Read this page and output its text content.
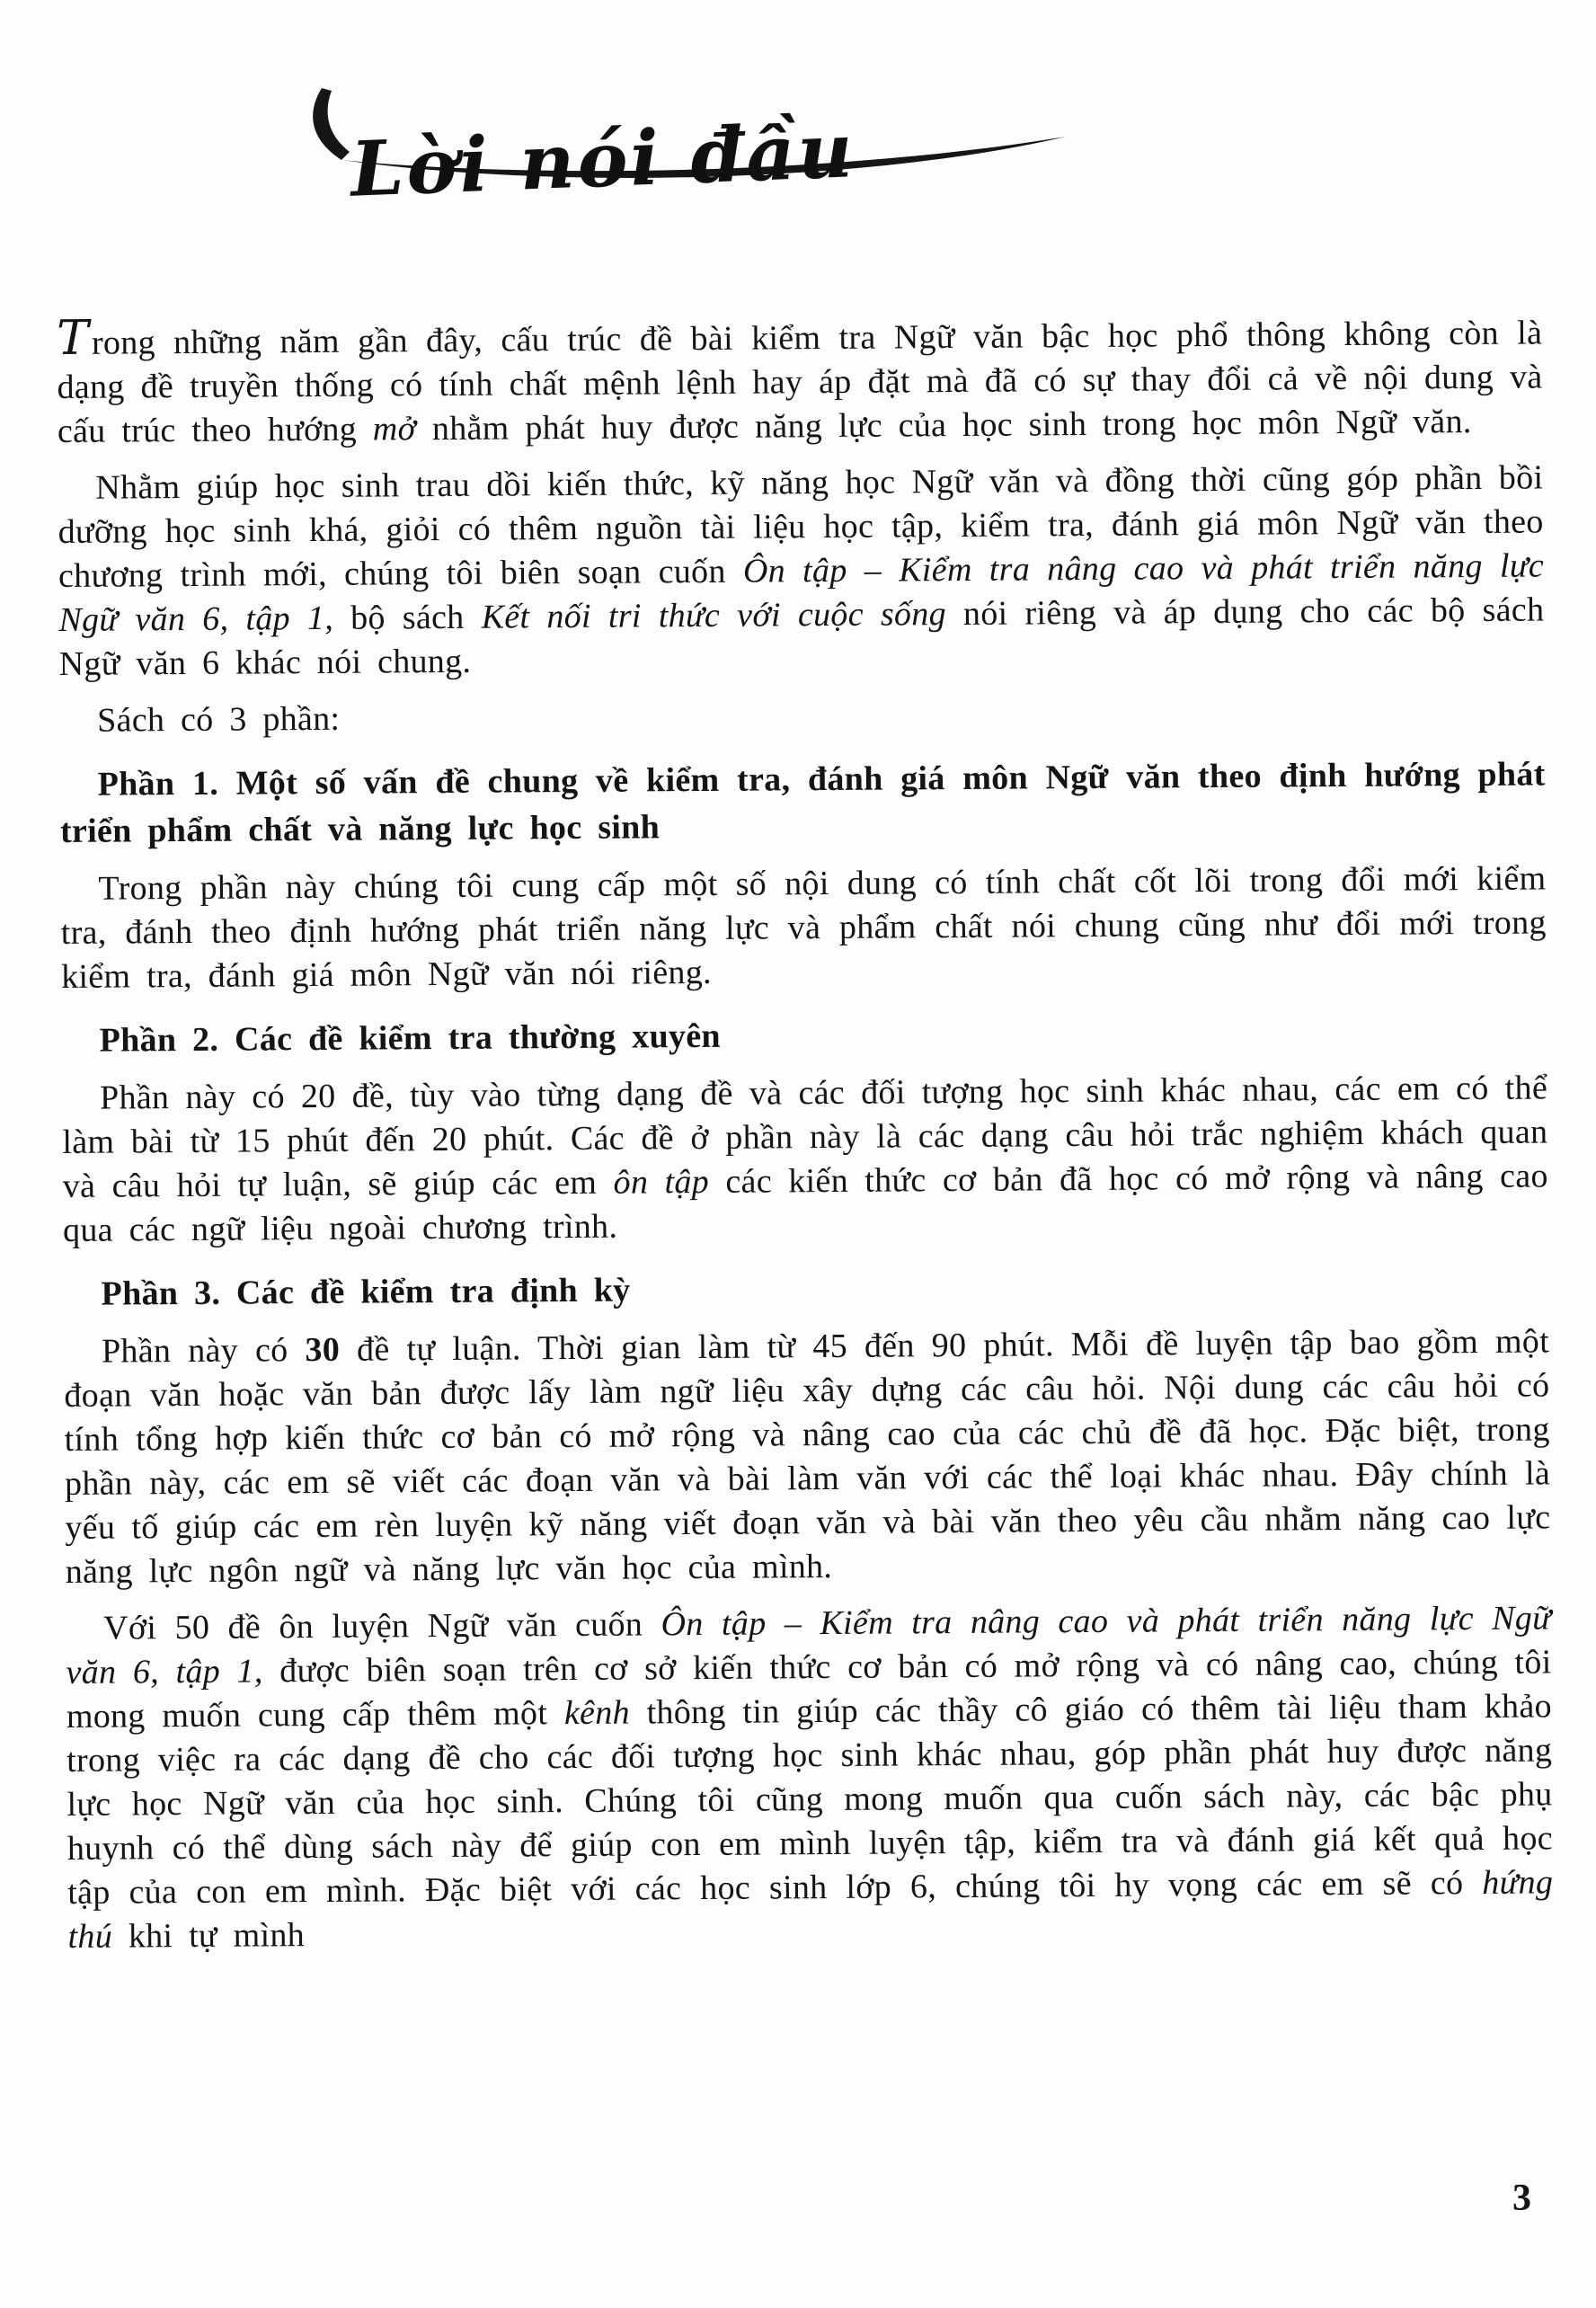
Lời nói đầu

Trong những năm gần đây, cấu trúc đề bài kiểm tra Ngữ văn bậc học phổ thông không còn là dạng đề truyền thống có tính chất mệnh lệnh hay áp đặt mà đã có sự thay đổi cả về nội dung và cấu trúc theo hướng mở nhằm phát huy được năng lực của học sinh trong học môn Ngữ văn.

Nhằm giúp học sinh trau dồi kiến thức, kỹ năng học Ngữ văn và đồng thời cũng góp phần bồi dưỡng học sinh khá, giỏi có thêm nguồn tài liệu học tập, kiểm tra, đánh giá môn Ngữ văn theo chương trình mới, chúng tôi biên soạn cuốn Ôn tập – Kiểm tra nâng cao và phát triển năng lực Ngữ văn 6, tập 1, bộ sách Kết nối tri thức với cuộc sống nói riêng và áp dụng cho các bộ sách Ngữ văn 6 khác nói chung.

Sách có 3 phần:

Phần 1. Một số vấn đề chung về kiểm tra, đánh giá môn Ngữ văn theo định hướng phát triển phẩm chất và năng lực học sinh

Trong phần này chúng tôi cung cấp một số nội dung có tính chất cốt lõi trong đổi mới kiểm tra, đánh theo định hướng phát triển năng lực và phẩm chất nói chung cũng như đổi mới trong kiểm tra, đánh giá môn Ngữ văn nói riêng.

Phần 2. Các đề kiểm tra thường xuyên

Phần này có 20 đề, tùy vào từng dạng đề và các đối tượng học sinh khác nhau, các em có thể làm bài từ 15 phút đến 20 phút. Các đề ở phần này là các dạng câu hỏi trắc nghiệm khách quan và câu hỏi tự luận, sẽ giúp các em ôn tập các kiến thức cơ bản đã học có mở rộng và nâng cao qua các ngữ liệu ngoài chương trình.

Phần 3. Các đề kiểm tra định kỳ

Phần này có 30 đề tự luận. Thời gian làm từ 45 đến 90 phút. Mỗi đề luyện tập bao gồm một đoạn văn hoặc văn bản được lấy làm ngữ liệu xây dựng các câu hỏi. Nội dung các câu hỏi có tính tổng hợp kiến thức cơ bản có mở rộng và nâng cao của các chủ đề đã học. Đặc biệt, trong phần này, các em sẽ viết các đoạn văn và bài làm văn với các thể loại khác nhau. Đây chính là yếu tố giúp các em rèn luyện kỹ năng viết đoạn văn và bài văn theo yêu cầu nhằm năng cao lực năng lực ngôn ngữ và năng lực văn học của mình.

Với 50 đề ôn luyện Ngữ văn cuốn Ôn tập – Kiểm tra nâng cao và phát triển năng lực Ngữ văn 6, tập 1, được biên soạn trên cơ sở kiến thức cơ bản có mở rộng và có nâng cao, chúng tôi mong muốn cung cấp thêm một kênh thông tin giúp các thầy cô giáo có thêm tài liệu tham khảo trong việc ra các dạng đề cho các đối tượng học sinh khác nhau, góp phần phát huy được năng lực học Ngữ văn của học sinh. Chúng tôi cũng mong muốn qua cuốn sách này, các bậc phụ huynh có thể dùng sách này để giúp con em mình luyện tập, kiểm tra và đánh giá kết quả học tập của con em mình. Đặc biệt với các học sinh lớp 6, chúng tôi hy vọng các em sẽ có hứng thú khi tự mình

3
